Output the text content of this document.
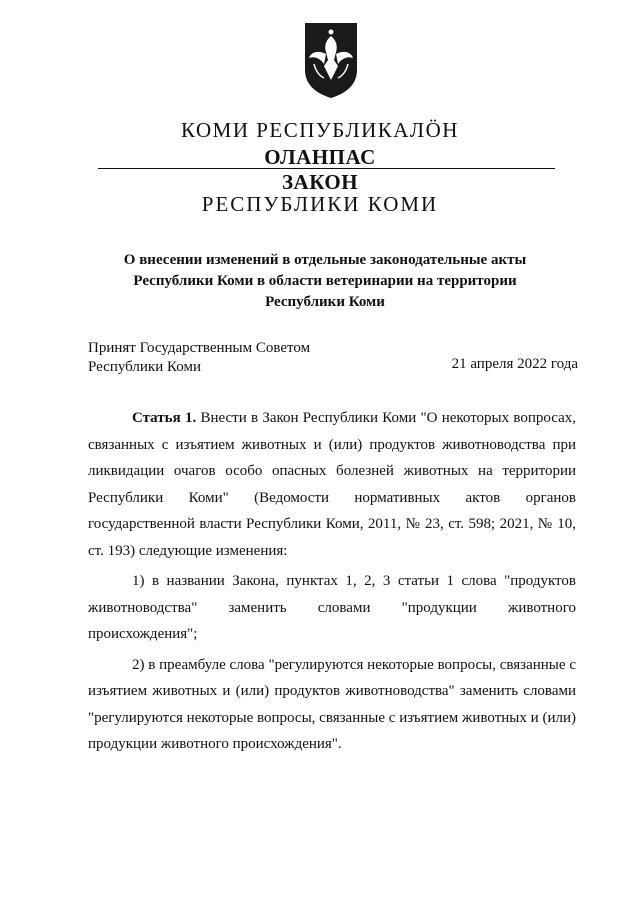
КОМИ РЕСПУБЛИКАЛӦН
ОЛАНПАС
ЗАКОН
РЕСПУБЛИКИ КОМИ
О внесении изменений в отдельные законодательные акты
Республики Коми в области ветеринарии на территории
Республики Коми
Принят Государственным Советом
Республики Коми	21 апреля 2022 года

Статья 1. Внести в Закон Республики Коми "О некоторых вопросах, связанных с изъятием животных и (или) продуктов животноводства при ликвидации очагов особо опасных болезней животных на территории Республики Коми" (Ведомости нормативных актов органов государственной власти Республики Коми, 2011, № 23, ст. 598; 2021, № 10, ст. 193) следующие изменения:

1) в названии Закона, пунктах 1, 2, 3 статьи 1 слова "продуктов животноводства" заменить словами "продукции животного происхождения";

2) в преамбуле слова "регулируются некоторые вопросы, связанные с изъятием животных и (или) продуктов животноводства" заменить словами "регулируются некоторые вопросы, связанные с изъятием животных и (или) продукции животного происхождения".
